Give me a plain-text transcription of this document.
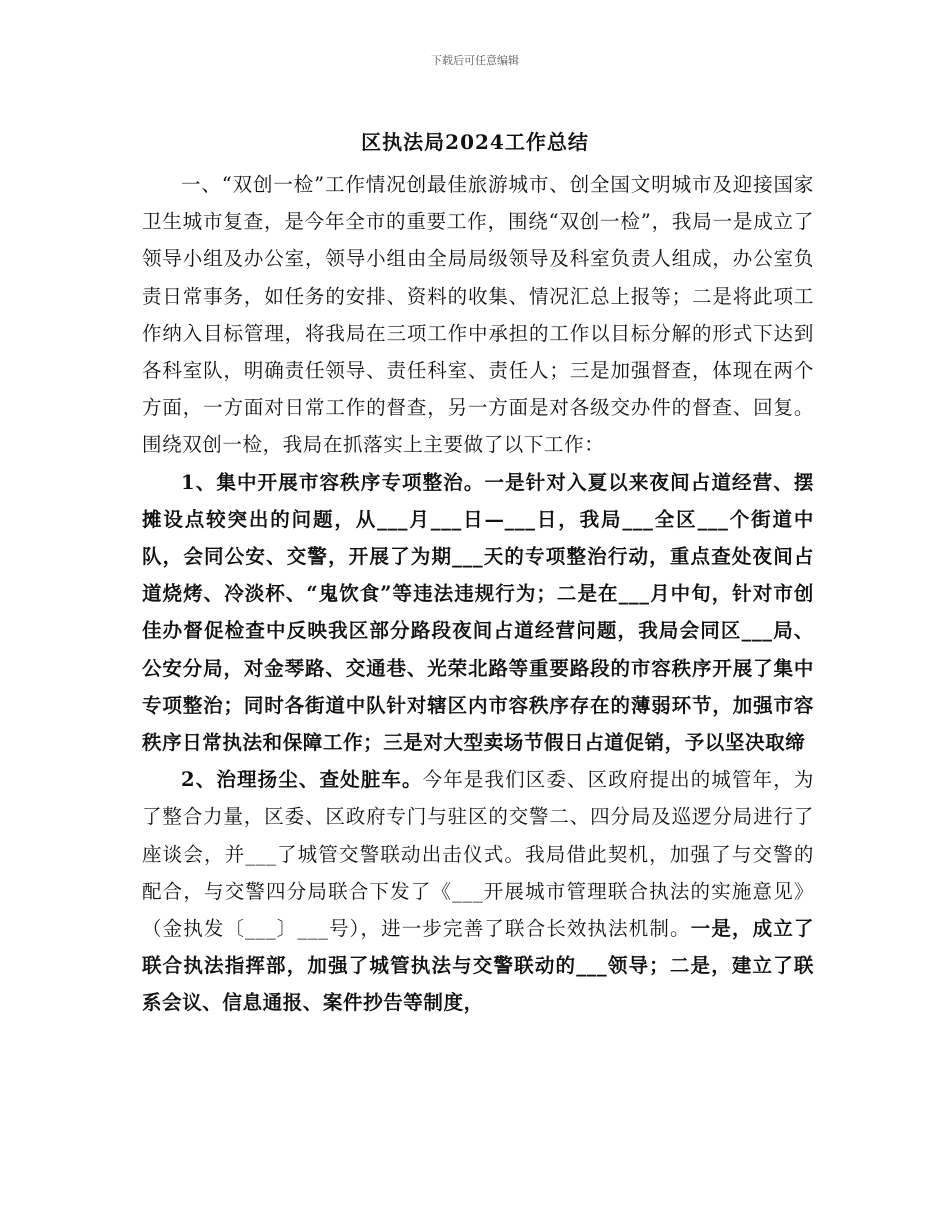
下载后可任意编辑
区执法局2024工作总结

一、“双创一检”工作情况创最佳旅游城市、创全国文明城市及迎接国家卫生城市复查，是今年全市的重要工作，围绕“双创一检”，我局一是成立了领导小组及办公室，领导小组由全局局级领导及科室负责人组成，办公室负责日常事务，如任务的安排、资料的收集、情况汇总上报等；二是将此项工作纳入目标管理，将我局在三项工作中承担的工作以目标分解的形式下达到各科室队，明确责任领导、责任科室、责任人；三是加强督查，体现在两个方面，一方面对日常工作的督查，另一方面是对各级交办件的督查、回复。围绕双创一检，我局在抓落实上主要做了以下工作：

1、集中开展市容秩序专项整治。一是针对入夏以来夜间占道经营、摆摊设点较突出的问题，从___月___日—___日，我局___全区___个街道中队，会同公安、交警，开展了为期___天的专项整治行动，重点查处夜间占道烧烤、冷淡杯、“鬼饮食”等违法违规行为；二是在___月中旬，针对市创佳办督促检查中反映我区部分路段夜间占道经营问题，我局会同区___局、公安分局，对金琴路、交通巷、光荣北路等重要路段的市容秩序开展了集中专项整治；同时各街道中队针对辖区内市容秩序存在的薄弱环节，加强市容秩序日常执法和保障工作；三是对大型卖场节假日占道促销，予以坚决取缔

2、治理扬尘、查处脏车。今年是我们区委、区政府提出的城管年，为了整合力量，区委、区政府专门与驻区的交警二、四分局及巡逻分局进行了座谈会，并___了城管交警联动出击仪式。我局借此契机，加强了与交警的配合，与交警四分局联合下发了《___开展城市管理联合执法的实施意见》（金执发〔___〕___号），进一步完善了联合长效执法机制。一是，成立了联合执法指挥部，加强了城管执法与交警联动的___领导；二是，建立了联系会议、信息通报、案件抄告等制度，
